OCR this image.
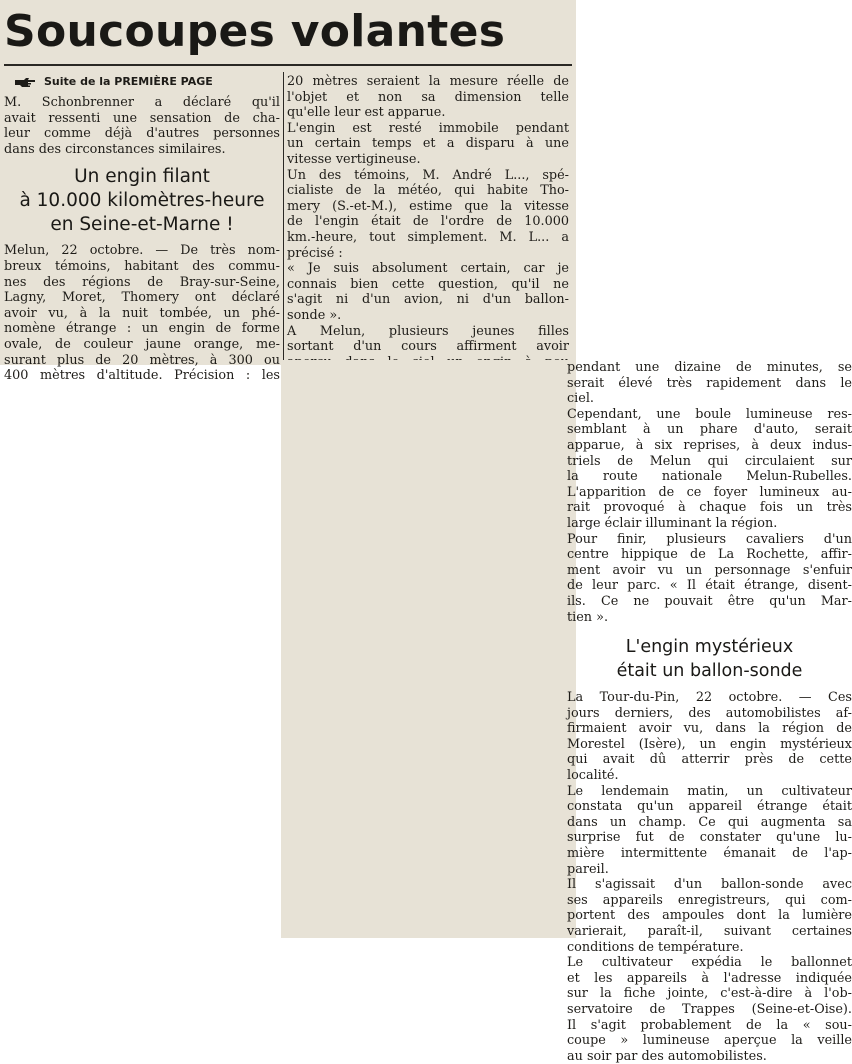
Soucoupes volantes

Suite de la PREMIÈRE PAGE

M. Schonbrenner a déclaré qu'il

avait ressenti une sensation de cha-

leur comme déjà d'autres personnes

dans des circonstances similaires.

Un engin filant

à 10.000 kilomètres-heure

en Seine-et-Marne !

Melun, 22 octobre. — De très nom-

breux témoins, habitant des commu-

nes des régions de Bray-sur-Seine,

Lagny, Moret, Thomery ont déclaré

avoir vu, à la nuit tombée, un phé-

nomène étrange : un engin de forme

ovale, de couleur jaune orange, me-

surant plus de 20 mètres, à 300 ou

400 mètres d'altitude. Précision : les

20 mètres seraient la mesure réelle de

l'objet et non sa dimension telle

qu'elle leur est apparue.

L'engin est resté immobile pendant

un certain temps et a disparu à une

vitesse vertigineuse.

Un des témoins, M. André L..., spé-

cialiste de la météo, qui habite Tho-

mery (S.-et-M.), estime que la vitesse

de l'engin était de l'ordre de 10.000

km.-heure, tout simplement. M. L... a

précisé :

« Je suis absolument certain, car je

connais bien cette question, qu'il ne

s'agit ni d'un avion, ni d'un ballon-

sonde ».

A Melun, plusieurs jeunes filles

sortant d'un cours affirment avoir

pendant une dizaine de minutes, se

serait élevé très rapidement dans le

ciel.

Cependant, une boule lumineuse res-

semblant à un phare d'auto, serait

apparue, à six reprises, à deux indus-

triels de Melun qui circulaient sur

la route nationale Melun-Rubelles.

L'apparition de ce foyer lumineux au-

rait provoqué à chaque fois un très

large éclair illuminant la région.

Pour finir, plusieurs cavaliers d'un

centre hippique de La Rochette, affir-

ment avoir vu un personnage s'enfuir

de leur parc. « Il était étrange, disent-

ils. Ce ne pouvait être qu'un Mar-

tien ».

L'engin mystérieux

était un ballon-sonde

La Tour-du-Pin, 22 octobre. — Ces

jours derniers, des automobilistes af-

firmaient avoir vu, dans la région de

Morestel (Isère), un engin mystérieux

qui avait dû atterrir près de cette

localité.

Le lendemain matin, un cultivateur

constata qu'un appareil étrange était

dans un champ. Ce qui augmenta sa

surprise fut de constater qu'une lu-

mière intermittente émanait de l'ap-

pareil.

Il s'agissait d'un ballon-sonde avec

ses appareils enregistreurs, qui com-

portent des ampoules dont la lumière

varierait, paraît-il, suivant certaines

conditions de température.

Le cultivateur expédia le ballonnet

et les appareils à l'adresse indiquée

sur la fiche jointe, c'est-à-dire à l'ob-

servatoire de Trappes (Seine-et-Oise).

Il s'agit probablement de la « sou-

coupe » lumineuse aperçue la veille

au soir par des automobilistes.
